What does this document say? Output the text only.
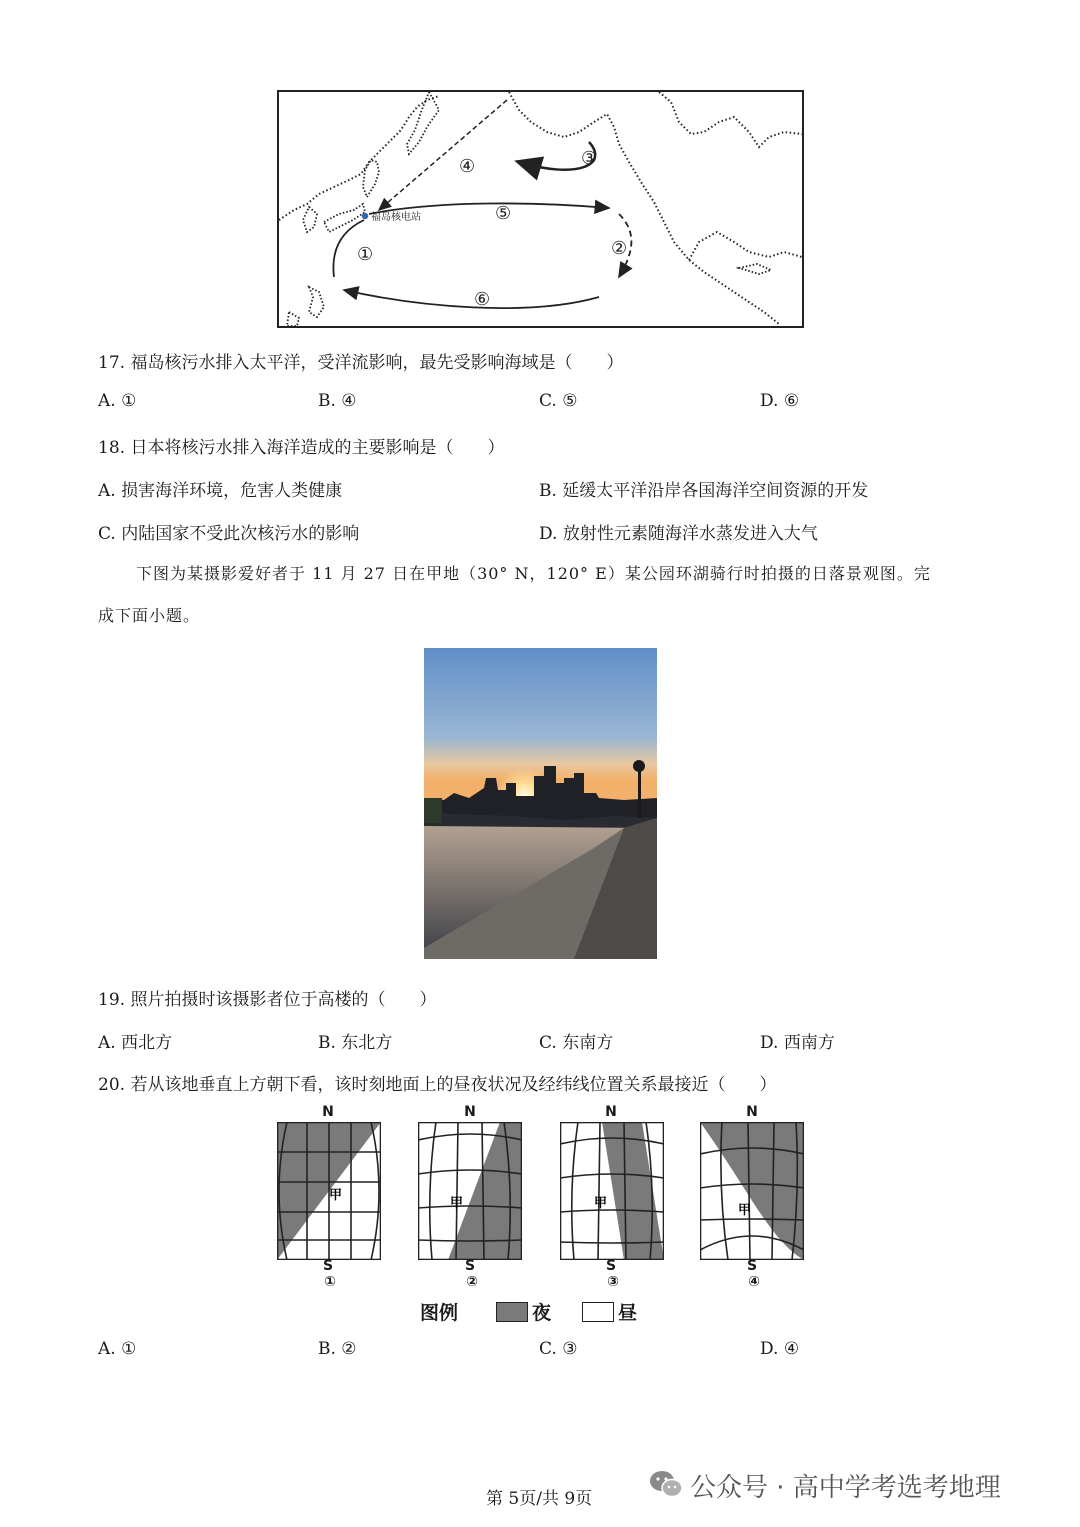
③
④
⑤
①	②
⑥
福岛核电站
17. 福岛核污水排入太平洋，受洋流影响，最先受影响海域是（　　）
A. ①	B. ④	C. ⑤	D. ⑥
18. 日本将核污水排入海洋造成的主要影响是（　　）
A. 损害海洋环境，危害人类健康	B. 延缓太平洋沿岸各国海洋空间资源的开发
C. 内陆国家不受此次核污水的影响	D. 放射性元素随海洋水蒸发进入大气
下图为某摄影爱好者于 11 月 27 日在甲地（30° N，120° E）某公园环湖骑行时拍摄的日落景观图。完
成下面小题。
19. 照片拍摄时该摄影者位于高楼的（　　）
A. 西北方	B. 东北方	C. 东南方	D. 西南方
20. 若从该地垂直上方朝下看，该时刻地面上的昼夜状况及经纬线位置关系最接近（　　）
N
甲
S
①
N
甲
S
②
N
甲
S
③
N
甲
S
④
图例	夜	昼
A. ①	B. ②	C. ③	D. ④
第 5页/共 9页	公众号 · 高中学考选考地理
